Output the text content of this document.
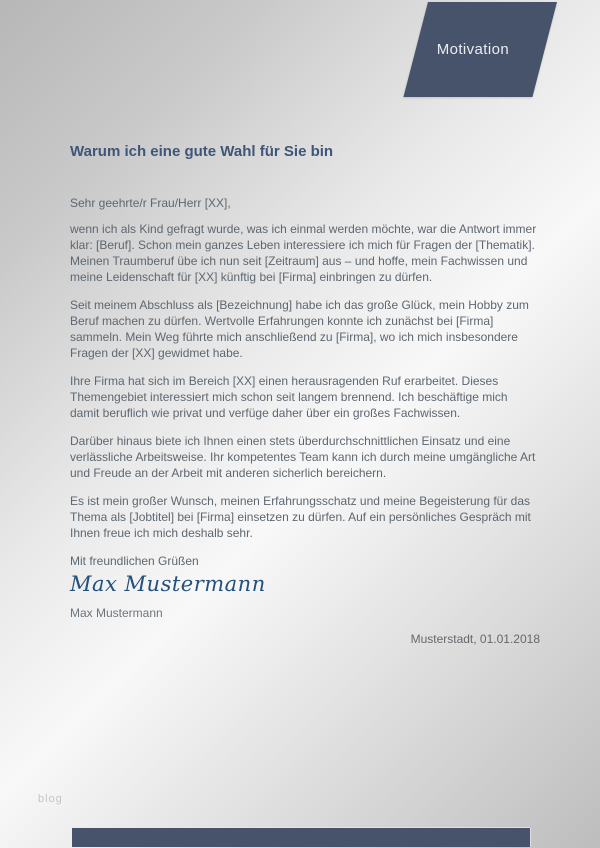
Motivation
Warum ich eine gute Wahl für Sie bin

Sehr geehrte/r Frau/Herr [XX],

wenn ich als Kind gefragt wurde, was ich einmal werden möchte, war die Antwort immer klar: [Beruf]. Schon mein ganzes Leben interessiere ich mich für Fragen der [Thematik]. Meinen Traumberuf übe ich nun seit [Zeitraum] aus – und hoffe, mein Fachwissen und meine Leidenschaft für [XX] künftig bei [Firma] einbringen zu dürfen.

Seit meinem Abschluss als [Bezeichnung] habe ich das große Glück, mein Hobby zum Beruf machen zu dürfen. Wertvolle Erfahrungen konnte ich zunächst bei [Firma] sammeln. Mein Weg führte mich anschließend zu [Firma], wo ich mich insbesondere Fragen der [XX] gewidmet habe.

Ihre Firma hat sich im Bereich [XX] einen herausragenden Ruf erarbeitet. Dieses Themengebiet interessiert mich schon seit langem brennend. Ich beschäftige mich damit beruflich wie privat und verfüge daher über ein großes Fachwissen.

Darüber hinaus biete ich Ihnen einen stets überdurchschnittlichen Einsatz und eine verlässliche Arbeitsweise. Ihr kompetentes Team kann ich durch meine umgängliche Art und Freude an der Arbeit mit anderen sicherlich bereichern.

Es ist mein großer Wunsch, meinen Erfahrungsschatz und meine Begeisterung für das Thema als [Jobtitel] bei [Firma] einsetzen zu dürfen. Auf ein persönliches Gespräch mit Ihnen freue ich mich deshalb sehr.

Mit freundlichen Grüßen

Max Mustermann
Max Mustermann
Musterstadt, 01.01.2018
blog
